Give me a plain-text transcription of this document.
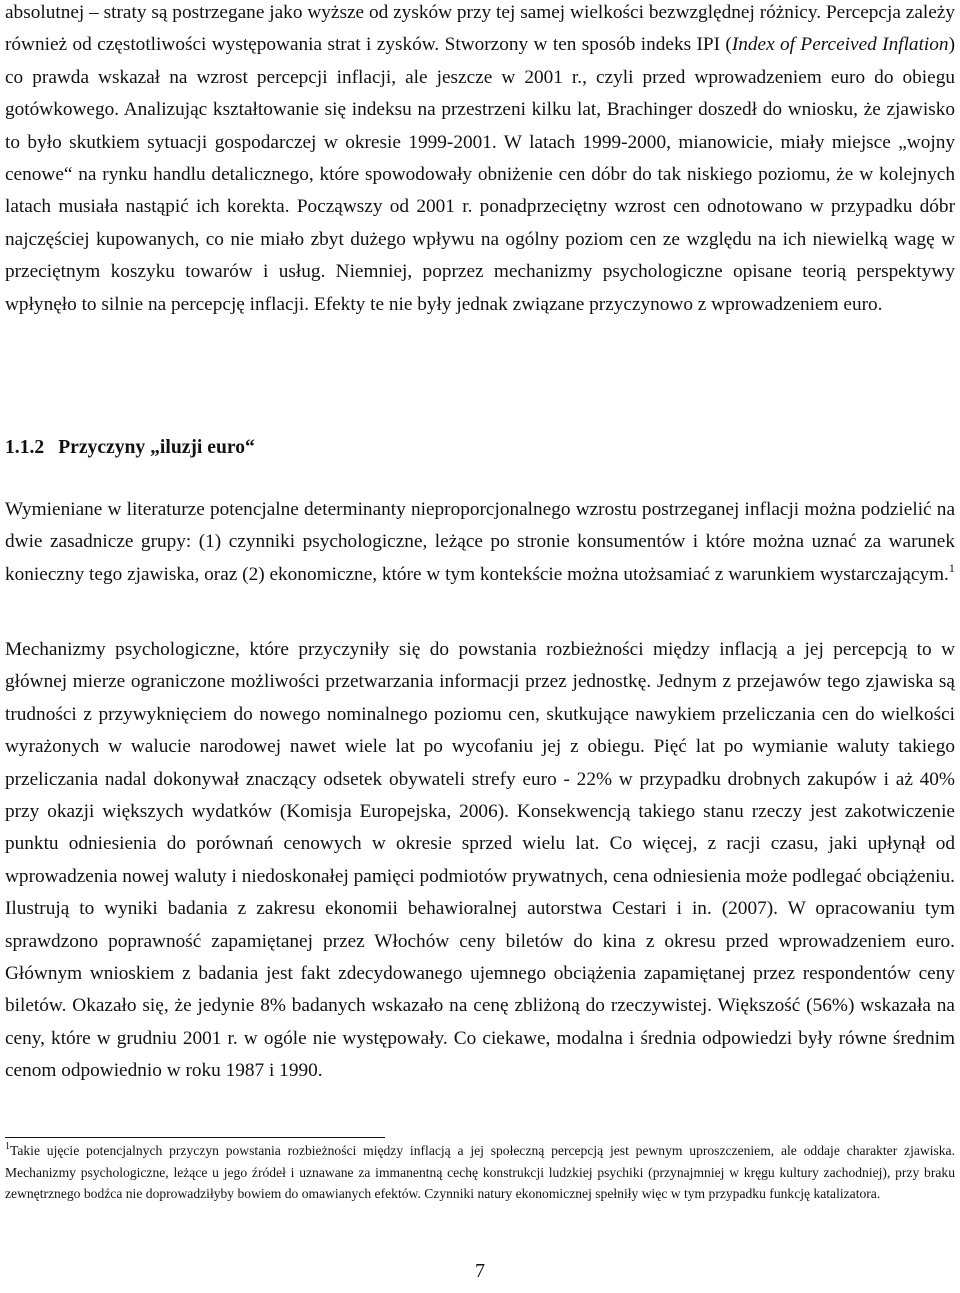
absolutnej – straty są postrzegane jako wyższe od zysków przy tej samej wielkości bezwzględnej różnicy. Percepcja zależy również od częstotliwości występowania strat i zysków. Stworzony w ten sposób indeks IPI (Index of Perceived Inflation) co prawda wskazał na wzrost percepcji inflacji, ale jeszcze w 2001 r., czyli przed wprowadzeniem euro do obiegu gotówkowego. Analizując kształtowanie się indeksu na przestrzeni kilku lat, Brachinger doszedł do wniosku, że zjawisko to było skutkiem sytuacji gospodarczej w okresie 1999-2001. W latach 1999-2000, mianowicie, miały miejsce „wojny cenowe“ na rynku handlu detalicznego, które spowodowały obniżenie cen dóbr do tak niskiego poziomu, że w kolejnych latach musiała nastąpić ich korekta. Począwszy od 2001 r. ponadprzeciętny wzrost cen odnotowano w przypadku dóbr najczęściej kupowanych, co nie miało zbyt dużego wpływu na ogólny poziom cen ze względu na ich niewielką wagę w przeciętnym koszyku towarów i usług. Niemniej, poprzez mechanizmy psychologiczne opisane teorią perspektywy wpłynęło to silnie na percepcję inflacji. Efekty te nie były jednak związane przyczynowo z wprowadzeniem euro.

1.1.2 Przyczyny „iluzji euro“

Wymieniane w literaturze potencjalne determinanty nieproporcjonalnego wzrostu postrzeganej inflacji można podzielić na dwie zasadnicze grupy: (1) czynniki psychologiczne, leżące po stronie konsumentów i które można uznać za warunek konieczny tego zjawiska, oraz (2) ekonomiczne, które w tym kontekście można utożsamiać z warunkiem wystarczającym.$^1$

Mechanizmy psychologiczne, które przyczyniły się do powstania rozbieżności między inflacją a jej percepcją to w głównej mierze ograniczone możliwości przetwarzania informacji przez jednostkę. Jednym z przejawów tego zjawiska są trudności z przywyknięciem do nowego nominalnego poziomu cen, skutkujące nawykiem przeliczania cen do wielkości wyrażonych w walucie narodowej nawet wiele lat po wycofaniu jej z obiegu. Pięć lat po wymianie waluty takiego przeliczania nadal dokonywał znaczący odsetek obywateli strefy euro - 22% w przypadku drobnych zakupów i aż 40% przy okazji większych wydatków (Komisja Europejska, 2006). Konsekwencją takiego stanu rzeczy jest zakotwiczenie punktu odniesienia do porównań cenowych w okresie sprzed wielu lat. Co więcej, z racji czasu, jaki upłynął od wprowadzenia nowej waluty i niedoskonałej pamięci podmiotów prywatnych, cena odniesienia może podlegać obciążeniu. Ilustrują to wyniki badania z zakresu ekonomii behawioralnej autorstwa Cestari i in. (2007). W opracowaniu tym sprawdzono poprawność zapamiętanej przez Włochów ceny biletów do kina z okresu przed wprowadzeniem euro. Głównym wnioskiem z badania jest fakt zdecydowanego ujemnego obciążenia zapamiętanej przez respondentów ceny biletów. Okazało się, że jedynie 8% badanych wskazało na cenę zbliżoną do rzeczywistej. Większość (56%) wskazała na ceny, które w grudniu 2001 r. w ogóle nie występowały. Co ciekawe, modalna i średnia odpowiedzi były równe średnim cenom odpowiednio w roku 1987 i 1990.

$^1$Takie ujęcie potencjalnych przyczyn powstania rozbieżności między inflacją a jej społeczną percepcją jest pewnym uproszczeniem, ale oddaje charakter zjawiska. Mechanizmy psychologiczne, leżące u jego źródeł i uznawane za immanentną cechę konstrukcji ludzkiej psychiki (przynajmniej w kręgu kultury zachodniej), przy braku zewnętrznego bodźca nie doprowadziłyby bowiem do omawianych efektów. Czynniki natury ekonomicznej spełniły więc w tym przypadku funkcję katalizatora.

7
